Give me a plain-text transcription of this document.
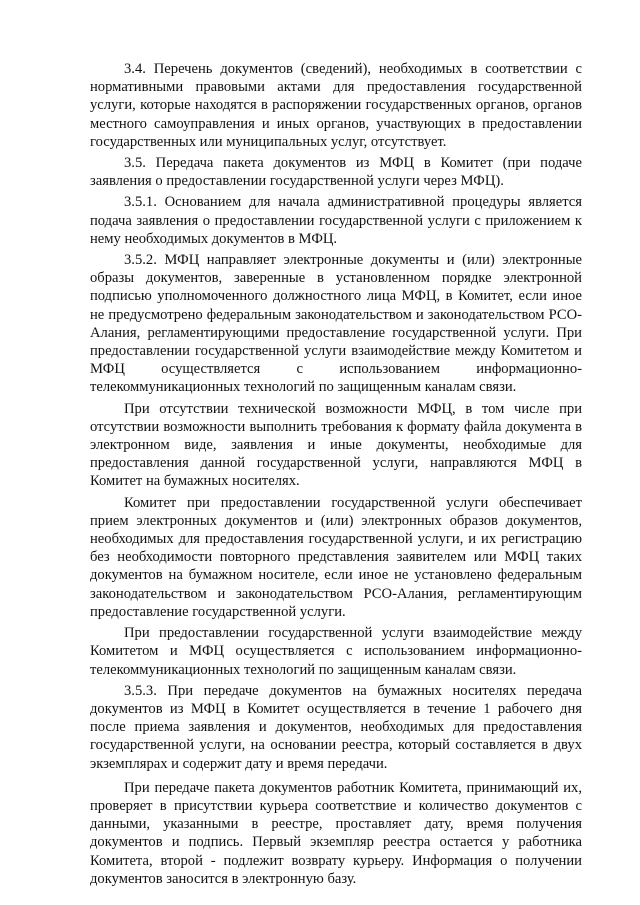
3.4. Перечень документов (сведений), необходимых в соответствии с нормативными правовыми актами для предоставления государственной услуги, которые находятся в распоряжении государственных органов, органов местного самоуправления и иных органов, участвующих в предоставлении государственных или муниципальных услуг, отсутствует.

3.5. Передача пакета документов из МФЦ в Комитет (при подаче заявления о предоставлении государственной услуги через МФЦ).

3.5.1. Основанием для начала административной процедуры является подача заявления о предоставлении государственной услуги с приложением к нему необходимых документов в МФЦ.

3.5.2. МФЦ направляет электронные документы и (или) электронные образы документов, заверенные в установленном порядке электронной подписью уполномоченного должностного лица МФЦ, в Комитет, если иное не предусмотрено федеральным законодательством и законодательством РСО-Алания, регламентирующими предоставление государственной услуги. При предоставлении государственной услуги взаимодействие между Комитетом и МФЦ осуществляется с использованием информационно-телекоммуникационных технологий по защищенным каналам связи.

При отсутствии технической возможности МФЦ, в том числе при отсутствии возможности выполнить требования к формату файла документа в электронном виде, заявления и иные документы, необходимые для предоставления данной государственной услуги, направляются МФЦ в Комитет на бумажных носителях.

Комитет при предоставлении государственной услуги обеспечивает прием электронных документов и (или) электронных образов документов, необходимых для предоставления государственной услуги, и их регистрацию без необходимости повторного представления заявителем или МФЦ таких документов на бумажном носителе, если иное не установлено федеральным законодательством и законодательством РСО-Алания, регламентирующим предоставление государственной услуги.

При предоставлении государственной услуги взаимодействие между Комитетом и МФЦ осуществляется с использованием информационно-телекоммуникационных технологий по защищенным каналам связи.

3.5.3. При передаче документов на бумажных носителях передача документов из МФЦ в Комитет осуществляется в течение 1 рабочего дня после приема заявления и документов, необходимых для предоставления государственной услуги, на основании реестра, который составляется в двух экземплярах и содержит дату и время передачи.

При передаче пакета документов работник Комитета, принимающий их, проверяет в присутствии курьера соответствие и количество документов с данными, указанными в реестре, проставляет дату, время получения документов и подпись. Первый экземпляр реестра остается у работника Комитета, второй - подлежит возврату курьеру. Информация о получении документов заносится в электронную базу.
